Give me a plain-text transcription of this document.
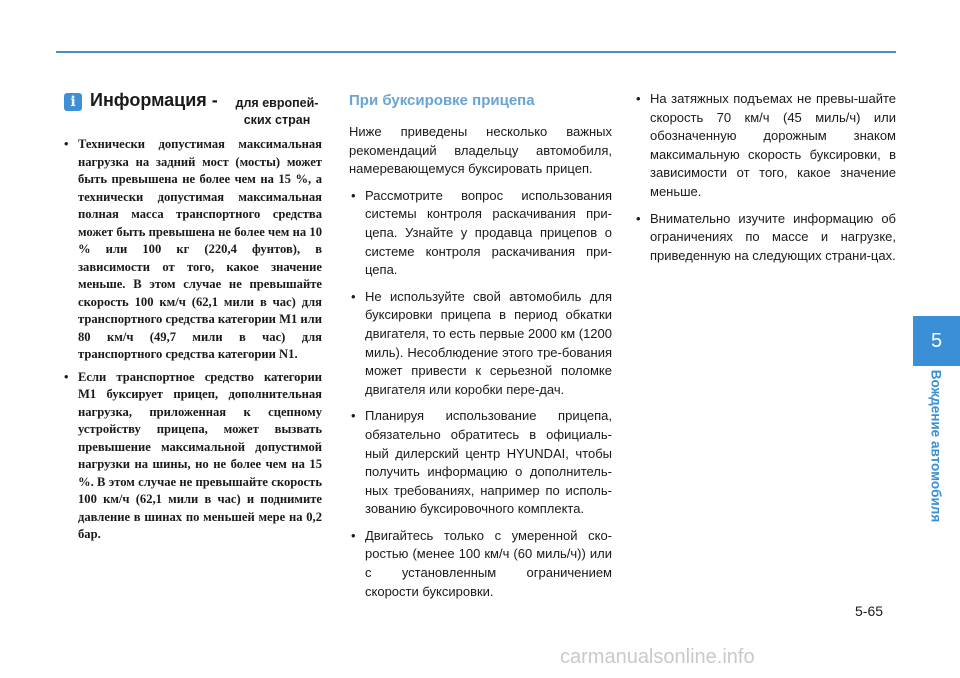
i Информация -	для европей-ских стран
• Технически допустимая максимальная нагрузка на задний мост (мосты) может быть превышена не более чем на 15 %, а технически допустимая максимальная полная масса транспортного средства может быть превышена не более чем на 10 % или 100 кг (220,4 фунтов), в зависимости от того, какое значение меньше. В этом случае не превышайте скорость 100 км/ч (62,1 мили в час) для транспортного средства категории M1 или 80 км/ч (49,7 мили в час) для транспортного средства категории N1.
• Если транспортное средство категории M1 буксирует прицеп, дополнительная нагрузка, приложенная к сцепному устройству прицепа, может вызвать превышение максимальной допустимой нагрузки на шины, но не более чем на 15 %. В этом случае не превышайте скорость 100 км/ч (62,1 мили в час) и поднимите давление в шинах по меньшей мере на 0,2 бар.
При буксировке прицепа

Ниже приведены несколько важных рекомендаций владельцу автомобиля, намеревающемуся буксировать прицеп.

• Рассмотрите вопрос использования системы контроля раскачивания при-цепа. Узнайте у продавца прицепов о системе контроля раскачивания при-цепа.
• Не используйте свой автомобиль для буксировки прицепа в период обкатки двигателя, то есть первые 2000 км (1200 миль). Несоблюдение этого тре-бования может привести к серьезной поломке двигателя или коробки пере-дач.
• Планируя использование прицепа, обязательно обратитесь в официаль-ный дилерский центр HYUNDAI, чтобы получить информацию о дополнитель-ных требованиях, например по исполь-зованию буксировочного комплекта.
• Двигайтесь только с умеренной ско-ростью (менее 100 км/ч (60 миль/ч)) или с установленным ограничением скорости буксировки.
• На затяжных подъемах не превы-шайте скорость 70 км/ч (45 миль/ч) или обозначенную дорожным знаком максимальную скорость буксировки, в зависимости от того, какое значение меньше.
• Внимательно изучите информацию об ограничениях по массе и нагрузке, приведенную на следующих страни-цах.
5
Вождение автомобиля
5-65
carmanualsonline.info
